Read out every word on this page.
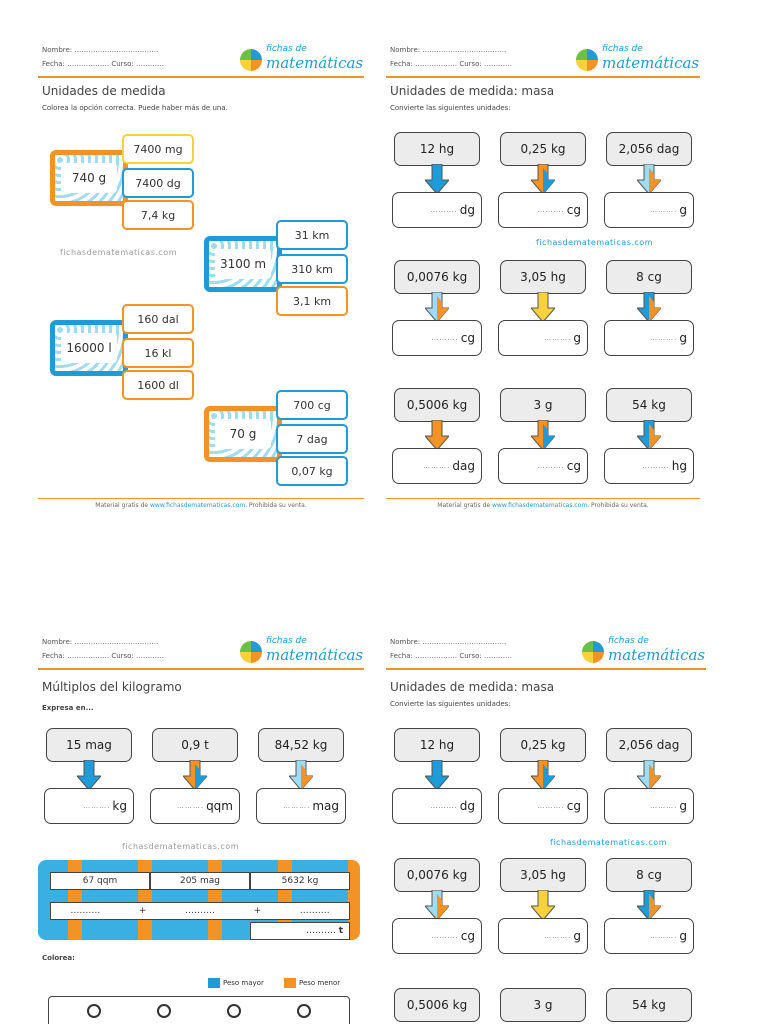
Nombre: ………………………………
Fecha: ……………… Curso: …………
fichas de
matemáticas
Unidades de medida
Colorea la opción correcta. Puede haber más de una.
740 g
7400 mg
7400 dg
7,4 kg
fichasdematematicas.com
3100 m
31 km
310 km
3,1 km
16000 l
160 dal
16 kl
1600 dl
70 g
700 cg
7 dag
0,07 kg
Material gratis de www.fichasdematematicas.com. Prohibida su venta.
Nombre: ………………………………
Fecha: ……………… Curso: …………
fichas de
matemáticas
Unidades de medida: masa
Convierte las siguientes unidades:
fichasdematematicas.com
Material gratis de www.fichasdematematicas.com. Prohibida su venta.
12 hg
………. dg
0,25 kg
………. cg
2,056 dag
………. g
0,0076 kg
………. cg
3,05 hg
………. g
8 cg
………. g
0,5006 kg
………. dag
3 g
………. cg
54 kg
………. hg
Nombre: ………………………………
Fecha: ……………… Curso: …………
fichas de
matemáticas
Múltiplos del kilogramo
Expresa en...
fichasdematematicas.com
67 qqm	205 mag	5632 kg
……….	+	……….	+	……….
……….
t
Colorea:
Peso mayor	Peso menor
15 mag
………. kg
0,9 t
………. qqm
84,52 kg
………. mag
Nombre: ………………………………
Fecha: ……………… Curso: …………
fichas de
matemáticas
Unidades de medida: masa
Convierte las siguientes unidades:
fichasdematematicas.com
12 hg
………. dg
0,25 kg
………. cg
2,056 dag
………. g
0,0076 kg
………. cg
3,05 hg
………. g
8 cg
………. g
0,5006 kg	3 g	54 kg
